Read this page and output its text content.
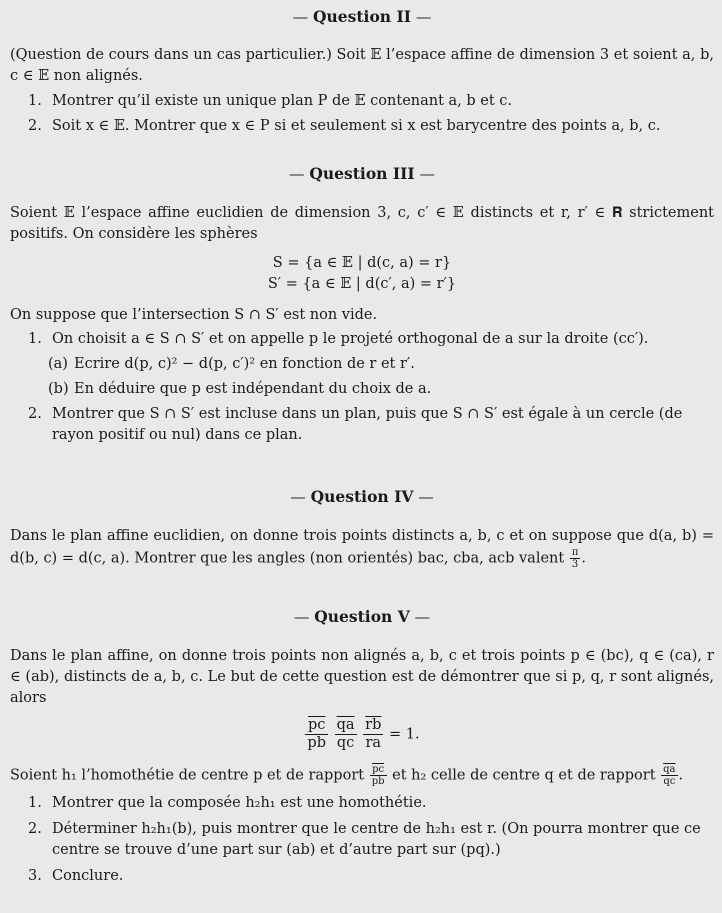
— Question II —

(Question de cours dans un cas particulier.) Soit 𝔼 l’espace affine de dimension 3 et soient a, b, c ∈ 𝔼 non alignés.

1. Montrer qu’il existe un unique plan P de 𝔼 contenant a, b et c.
2. Soit x ∈ 𝔼. Montrer que x ∈ P si et seulement si x est barycentre des points a, b, c.
— Question III —

Soient 𝔼 l’espace affine euclidien de dimension 3, c, c′ ∈ 𝔼 distincts et r, r′ ∈ 𝐑 strictement positifs. On considère les sphères

S = {a ∈ 𝔼 | d(c, a) = r}
S′ = {a ∈ 𝔼 | d(c′, a) = r′}

On suppose que l’intersection S ∩ S′ est non vide.

1. On choisit a ∈ S ∩ S′ et on appelle p le projeté orthogonal de a sur la droite (cc′).
(a) Ecrire d(p, c)² − d(p, c′)² en fonction de r et r′.
(b) En déduire que p est indépendant du choix de a.
2. Montrer que S ∩ S′ est incluse dans un plan, puis que S ∩ S′ est égale à un cercle (de rayon positif ou nul) dans ce plan.
— Question IV —

Dans le plan affine euclidien, on donne trois points distincts a, b, c et on suppose que d(a, b) = d(b, c) = d(c, a). Montrer que les angles (non orientés) bac, cba, acb valent $\frac{\pi}{3}$ .

— Question V —

Dans le plan affine, on donne trois points non alignés a, b, c et trois points p ∈ (bc), q ∈ (ca), r ∈ (ab), distincts de a, b, c. Le but de cette question est de démontrer que si p, q, r sont alignés, alors

$\frac{\overline{pc}}{pb}$
$\frac{\overline{qa}}{qc}$
$\frac{\overline{rb}}{ra} = 1$.

Soient h₁ l’homothétie de centre p et de rapport $\frac{\overline{pc}}{pb}$ et h₂ celle de centre q et de rapport $\frac{\overline{qa}}{qc}$ .

1. Montrer que la composée h₂h₁ est une homothétie.
2. Déterminer h₂h₁(b), puis montrer que le centre de h₂h₁ est r. (On pourra montrer que ce centre se trouve d’une part sur (ab) et d’autre part sur (pq).)
3. Conclure.
